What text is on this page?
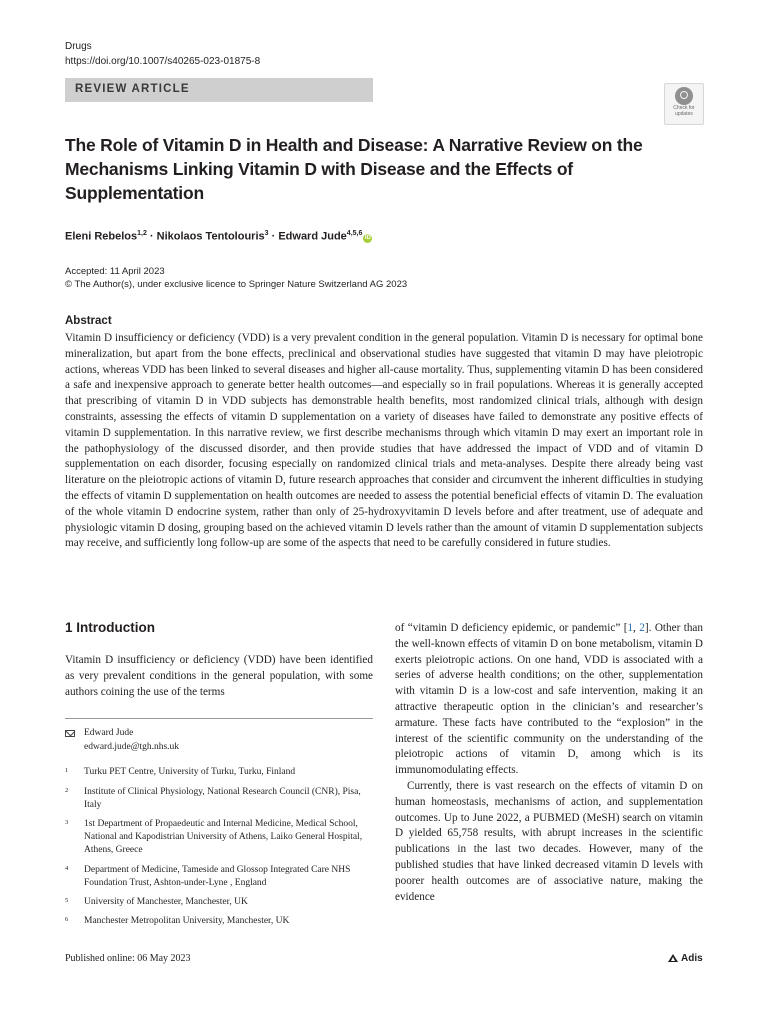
Drugs
https://doi.org/10.1007/s40265-023-01875-8
REVIEW ARTICLE
Check for
updates
The Role of Vitamin D in Health and Disease: A Narrative Review on the Mechanisms Linking Vitamin D with Disease and the Effects of Supplementation
Eleni Rebelos$^{1,2}$ · Nikolaos Tentolouris$^3$ · Edward Jude$^{4,5,6}$iD
Accepted: 11 April 2023
© The Author(s), under exclusive licence to Springer Nature Switzerland AG 2023
Abstract
Vitamin D insufficiency or deficiency (VDD) is a very prevalent condition in the general population. Vitamin D is necessary for optimal bone mineralization, but apart from the bone effects, preclinical and observational studies have suggested that vitamin D may have pleiotropic actions, whereas VDD has been linked to several diseases and higher all-cause mortality. Thus, supplementing vitamin D has been considered a safe and inexpensive approach to generate better health outcomes—and especially so in frail populations. Whereas it is generally accepted that prescribing of vitamin D in VDD subjects has demonstrable health benefits, most randomized clinical trials, although with design constraints, assessing the effects of vitamin D supplementation on a variety of diseases have failed to demonstrate any positive effects of vitamin D supplementation. In this narrative review, we first describe mechanisms through which vitamin D may exert an important role in the pathophysiology of the discussed disorder, and then provide studies that have addressed the impact of VDD and of vitamin D supplementation on each disorder, focusing especially on randomized clinical trials and meta-analyses. Despite there already being vast literature on the pleiotropic actions of vitamin D, future research approaches that consider and circumvent the inherent difficulties in studying the effects of vitamin D supplementation on health outcomes are needed to assess the potential beneficial effects of vitamin D. The evaluation of the whole vitamin D endocrine system, rather than only of 25-hydroxyvitamin D levels before and after treatment, use of adequate and physiologic vitamin D dosing, grouping based on the achieved vitamin D levels rather than the amount of vitamin D supplementation subjects may receive, and sufficiently long follow-up are some of the aspects that need to be carefully considered in future studies.
1 Introduction
Vitamin D insufficiency or deficiency (VDD) have been identified as very prevalent conditions in the general population, with some authors coining the use of the terms

of “vitamin D deficiency epidemic, or pandemic” [1, 2]. Other than the well-known effects of vitamin D on bone metabolism, vitamin D exerts pleiotropic actions. On one hand, VDD is associated with a series of adverse health conditions; on the other, supplementation with vitamin D is a low-cost and safe intervention, making it an attractive therapeutic option in the clinician’s and researcher’s armature. These facts have contributed to the “explosion” in the interest of the scientific community on the understanding of the pleiotropic actions of vitamin D, among which is its immunomodulating effects.

Currently, there is vast research on the effects of vitamin D on human homeostasis, mechanisms of action, and supplementation outcomes. Up to June 2022, a PUBMED (MeSH) search on vitamin D yielded 65,758 results, with abrupt increases in the scientific publications in the last two decades. However, many of the published studies that have linked decreased vitamin D levels with poorer health outcomes are of associative nature, making the evidence

Edward Jude
edward.jude@tgh.nhs.uk
1 Turku PET Centre, University of Turku, Turku, Finland
2 Institute of Clinical Physiology, National Research Council (CNR), Pisa, Italy
3 1st Department of Propaedeutic and Internal Medicine, Medical School, National and Kapodistrian University of Athens, Laiko General Hospital, Athens, Greece
4 Department of Medicine, Tameside and Glossop Integrated Care NHS Foundation Trust, Ashton-under-Lyne , England
5 University of Manchester, Manchester, UK
6 Manchester Metropolitan University, Manchester, UK
Published online: 06 May 2023	Adis
